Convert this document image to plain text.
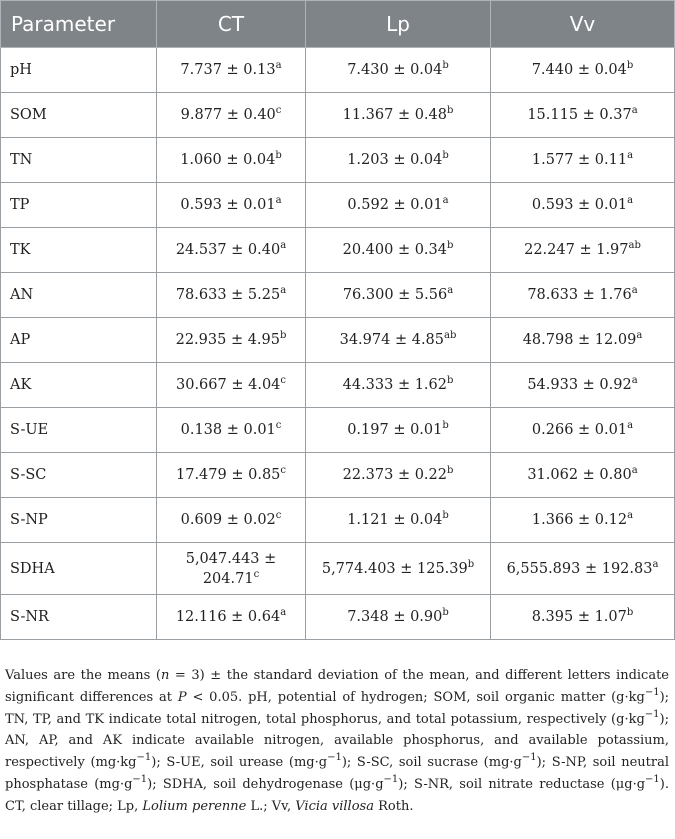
Parameter	CT	Lp	Vv
pH	7.737 ± 0.13$^a$	7.430 ± 0.04$^b$	7.440 ± 0.04$^b$
SOM	9.877 ± 0.40$^c$	11.367 ± 0.48$^b$	15.115 ± 0.37$^a$
TN	1.060 ± 0.04$^b$	1.203 ± 0.04$^b$	1.577 ± 0.11$^a$
TP	0.593 ± 0.01$^a$	0.592 ± 0.01$^a$	0.593 ± 0.01$^a$
TK	24.537 ± 0.40$^a$	20.400 ± 0.34$^b$	22.247 ± 1.97$^{ab}$
AN	78.633 ± 5.25$^a$	76.300 ± 5.56$^a$	78.633 ± 1.76$^a$
AP	22.935 ± 4.95$^b$	34.974 ± 4.85$^{ab}$	48.798 ± 12.09$^a$
AK	30.667 ± 4.04$^c$	44.333 ± 1.62$^b$	54.933 ± 0.92$^a$
S-UE	0.138 ± 0.01$^c$	0.197 ± 0.01$^b$	0.266 ± 0.01$^a$
S-SC	17.479 ± 0.85$^c$	22.373 ± 0.22$^b$	31.062 ± 0.80$^a$
S-NP	0.609 ± 0.02$^c$	1.121 ± 0.04$^b$	1.366 ± 0.12$^a$
SDHA	5,047.443 ±
204.71$^c$	5,774.403 ± 125.39$^b$	6,555.893 ± 192.83$^a$
S-NR	12.116 ± 0.64$^a$	7.348 ± 0.90$^b$	8.395 ± 1.07$^b$
Values are the means (n = 3) ± the standard deviation of the mean, and different letters indicate significant differences at P < 0.05. pH, potential of hydrogen; SOM, soil organic matter $(g\cdot kg^{-1})$; TN, TP, and TK indicate total nitrogen, total phosphorus, and total potassium, respectively $(g\cdot kg^{-1})$; AN, AP, and AK indicate available nitrogen, available phosphorus, and available potassium, respectively $(mg\cdot kg^{-1})$; S-UE, soil urease $(mg\cdot g^{-1})$; S-SC, soil sucrase $(mg\cdot g^{-1})$; S-NP, soil neutral phosphatase $(mg\cdot g^{-1})$; SDHA, soil dehydrogenase $(\mu g\cdot g^{-1})$; S-NR, soil nitrate reductase $(\mu g\cdot g^{-1})$. CT, clear tillage; Lp, Lolium perenne L.; Vv, Vicia villosa Roth.
